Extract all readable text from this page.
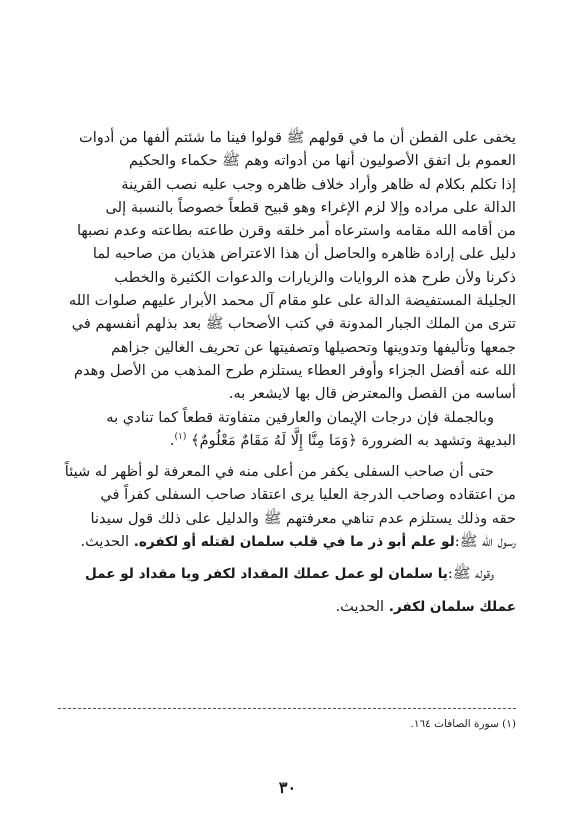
يخفى على الفطن أن ما في قولهم ﷺ قولوا فينا ما شئتم ألفها من أدوات

العموم بل اتفق الأصوليون أنها من أدواته وهم ﷺ حكماء والحكيم

إذا تكلم بكلام له ظاهر وأراد خلاف ظاهره وجب عليه نصب القرينة

الدالة على مراده وإلا لزم الإغراء وهو قبيح قطعاً خصوصاً بالنسبة إلى

من أقامه الله مقامه واسترعاه أمر خلقه وقرن طاعته بطاعته وعدم نصبها

دليل على إرادة ظاهره والحاصل أن هذا الاعتراض هذيان من صاحبه لما

ذكرنا ولأن طرح هذه الروايات والزيارات والدعوات الكثيرة والخطب

الجليلة المستفيضة الدالة على علو مقام آل محمد الأبرار عليهم صلوات الله

تترى من الملك الجبار المدونة في كتب الأصحاب ﷺ بعد بذلهم أنفسهم في

جمعها وتأليفها وتدوينها وتحصيلها وتصفيتها عن تحريف الغالين جزاهم

الله عنه أفضل الجزاء وأوفر العطاء يستلزم طرح المذهب من الأصل وهدم

أساسه من الفصل والمعترض قال بها لايشعر به.

وبالجملة فإن درجات الإيمان والعارفين متفاوتة قطعاً كما تنادي به

البديهة وتشهد به الضرورة ﴿وَمَا مِنَّا إِلَّا لَهُ مَقَامٌ مَعْلُومٌ﴾ $^{(١)}$.

حتى أن صاحب السفلى يكفر من أعلى منه في المعرفة لو أظهر له شيئاً

من اعتقاده وصاحب الدرجة العليا يرى اعتقاد صاحب السفلى كفراً في

حقه وذلك يستلزم عدم تناهي معرفتهم ﷺ والدليل على ذلك قول سيدنا

رسول الله ﷺ:لو علم أبو ذر ما في قلب سلمان لقتله أو لكفره. الحديث.

وقوله ﷺ:يا سلمان لو عمل عملك المقداد لكفر ويا مقداد لو عمل

عملك سلمان لكفر. الحديث.

(١) سورة الصافات ١٦٤.
٣٠
